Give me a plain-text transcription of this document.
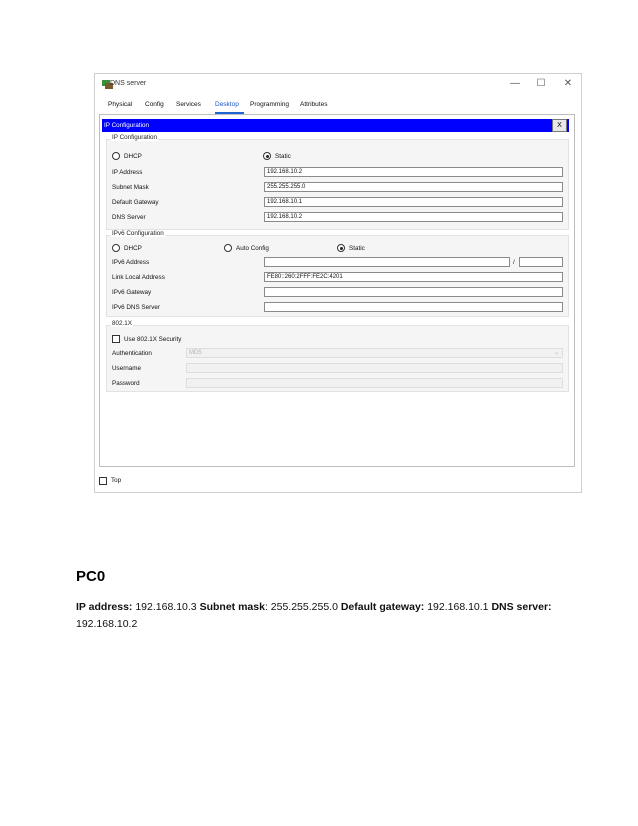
DNS server	—	☐	✕
Physical Config Services Desktop Programming Attributes
IP Configuration	X
IP Configuration
DHCP	Static
IP Address	192.168.10.2
Subnet Mask	255.255.255.0
Default Gateway	192.168.10.1
DNS Server	192.168.10.2
IPv6 Configuration
DHCP	Auto Config	Static
IPv6 Address	/
Link Local Address	FE80::260:2FFF:FE2C:4201
IPv6 Gateway
IPv6 DNS Server
802.1X
Use 802.1X Security
Authentication	MD5	⌄
Username
Password
Top
PC0
IP address: 192.168.10.3 Subnet mask: 255.255.255.0 Default gateway: 192.168.10.1 DNS server: 192.168.10.2
